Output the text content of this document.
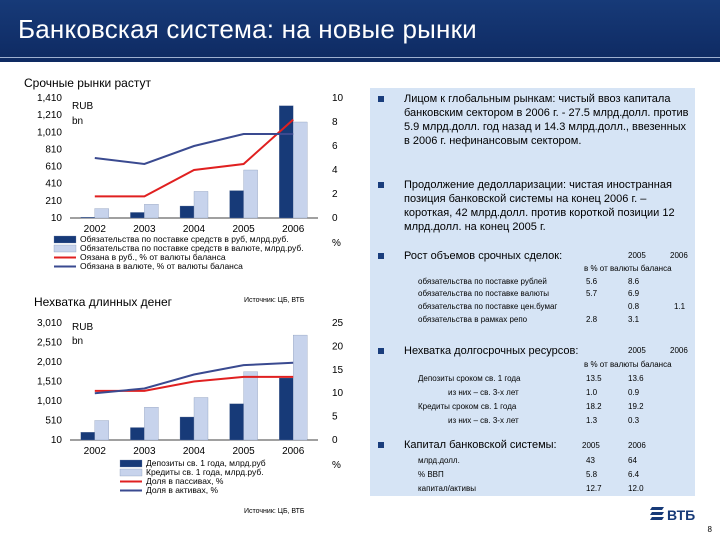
Банковская система: на новые рынки
Срочные рынки растут
Нехватка длинных денег
1,410
1,210
1,010
810
610
410
210
10
10
8
6
4
2
0
RUB
bn
%
2002	2003	2004	2005	2006
Обязательства по поставке средств в руб, млрд.руб.
Обязательства по поставке средств в валюте, млрд.руб.
Оязана в руб., % от валюты баланса
Обязана в валюте, % от валюты баланса
3,010
2,510
2,010
1,510
1,010
510
10
25
20
15
10
5
0
RUB
bn
%
2002	2003	2004	2005	2006
Депозиты св. 1 года, млрд.руб
Кредиты св. 1 года, млрд.руб.
Доля в пассивах, %
Доля в активах, %
Источник: ЦБ, ВТБ
Источник: ЦБ, ВТБ
Лицом к глобальным рынкам: чистый ввоз капитала банковским сектором в 2006 г. - 27.5 млрд.долл. против 5.9 млрд.долл. год назад и 14.3 млрд.долл., ввезенных в 2006 г. нефинансовым сектором.
Продолжение дедолларизации: чистая иностранная позиция банковской системы на конец 2006 г. – короткая, 42 млрд.долл. против короткой позиции 12 млрд.долл. на конец 2005 г.
Рост объемов срочных сделок:	2005	2006
в % от валюты баланса
обязательства по поставке рублей	5.6	8.6
обязательства по поставке валюты	5.7	6.9
обязательства по поставке цен.бумаг	0.8	1.1
обязательства в рамках репо	2.8	3.1
Нехватка долгосрочных ресурсов:	2005	2006
в % от валюты баланса
Депозиты сроком св. 1 года	13.5	13.6
из них – св. 3-х лет	1.0	0.9
Кредиты сроком св. 1 года	18.2	19.2
из них – св. 3-х лет	1.3	0.3
Капитал банковской системы:	2005	2006
млрд.долл.	43	64
% ВВП	5.8	6.4
капитал/активы	12.7	12.0
ВТБ
8
